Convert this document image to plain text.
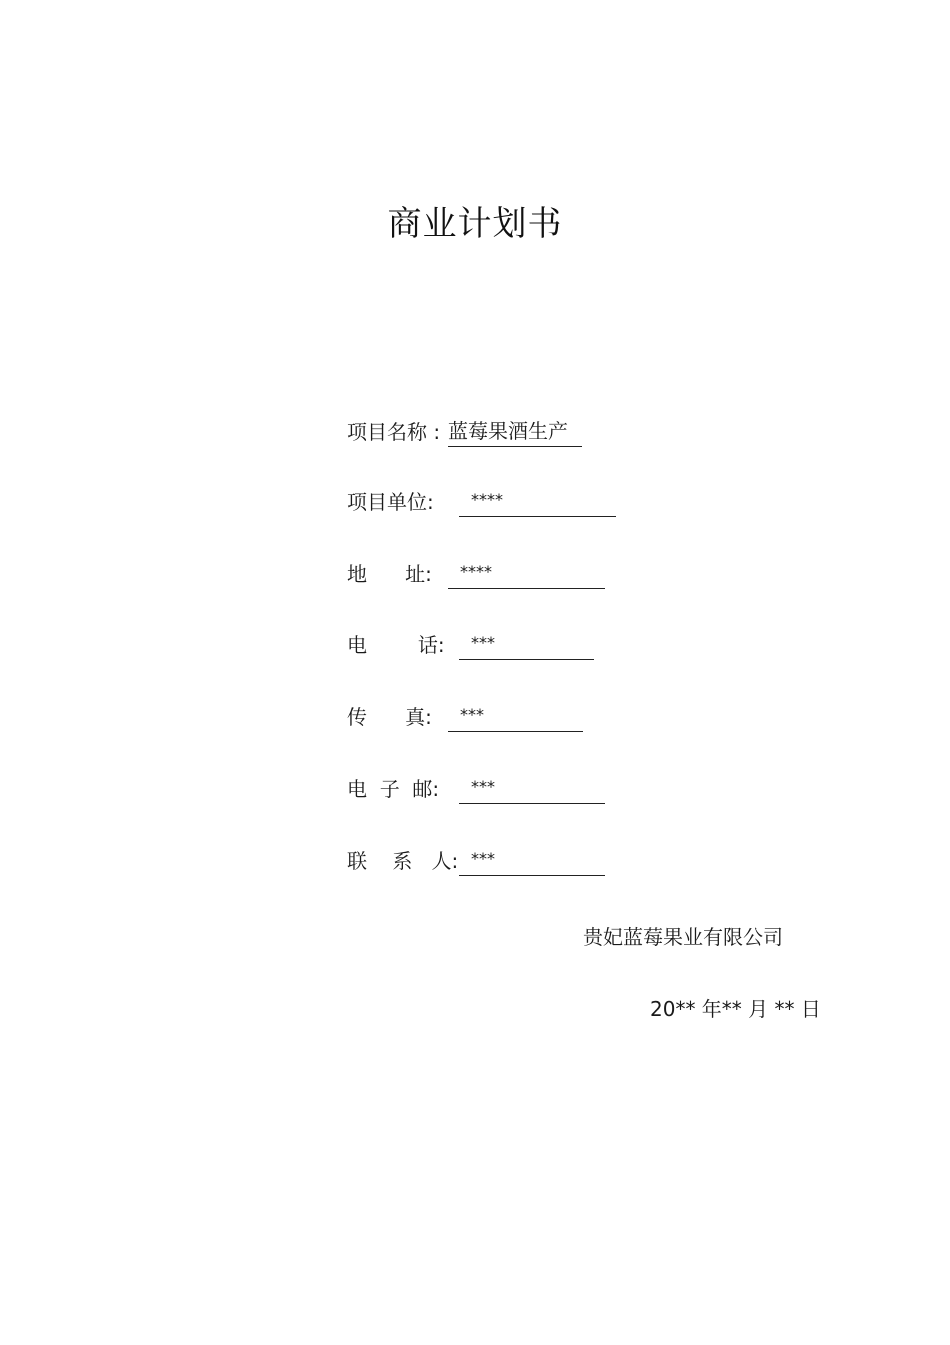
商业计划书
项目名称 : 蓝莓果酒生产
项目单位:	****
地      址:	****
电        话:	***
传      真:	***
电  子  邮:	***
联    系   人: ***
贵妃蓝莓果业有限公司
20** 年** 月 ** 日
